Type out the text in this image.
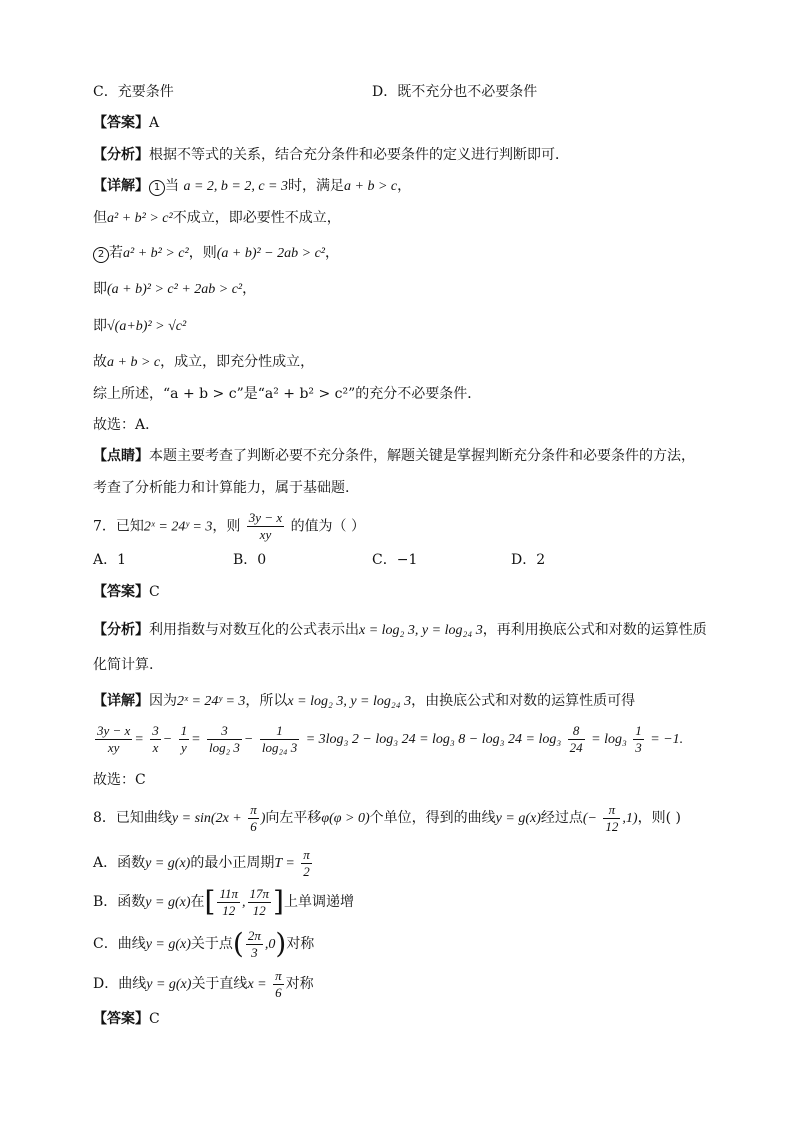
C．充要条件	D．既不充分也不必要条件
【答案】A
【分析】根据不等式的关系，结合充分条件和必要条件的定义进行判断即可．
【详解】 1 当 a = 2, b = 2, c = 3时，满足a + b > c，
但a² + b² > c²不成立，即必要性不成立，
2 若a² + b² > c²，则(a + b)² − 2ab > c²，
即(a + b)² > c² + 2ab > c²，
即√(a+b)² > √c²
故a + b > c，成立，即充分性成立，
综上所述，“a + b > c”是“a² + b² > c²”的充分不必要条件．
故选：A．
【点睛】本题主要考查了判断必要不充分条件，解题关键是掌握判断充分条件和必要条件的方法，
考查了分析能力和计算能力，属于基础题.
7．已知2ˣ = 24ʸ = 3，则 $\frac{3y - x}{xy}$ 的值为（ ）
A．1	B．0	C．−1	D．2
【答案】C
【分析】利用指数与对数互化的公式表示出x = log₂ 3, y = log₂₄ 3，再利用换底公式和对数的运算性质
化简计算.
【详解】因为2ˣ = 24ʸ = 3，所以x = log₂ 3, y = log₂₄ 3，由换底公式和对数的运算性质可得
$\frac{3y - x}{xy} = \frac{3}{x} - \frac{1}{y} = \frac{3}{\text{log₂ 3}} - \frac{1}{\text{log₂₄ 3}} = 3\log_3$ 2 − log₃ 24 = log₃ 8 − log₃ $24 = \log_3 \frac{8}{24} = \log_3 \frac{1}{3} = -1$.
故选：C
8．已知曲线$y = \sin(2x + \frac{\pi}{6}$ )向左平移φ(φ > 0)个单位，得到的曲线y = g(x)经过点(− $\frac{\pi}{12} ,1$)，则( )
A．函数y = g(x)的最小正周期$T = \frac{\pi}{2}$
B．函数y = g(x)在[ $\frac{11\pi}{12}$ , $\frac{17\pi}{12}$ ]上单调递增
C．曲线y = g(x)关于点( $\frac{2\pi}{3} ,0$)对称
D．曲线y = g(x)关于直线$x = \frac{\pi}{6}$ 对称
【答案】C
